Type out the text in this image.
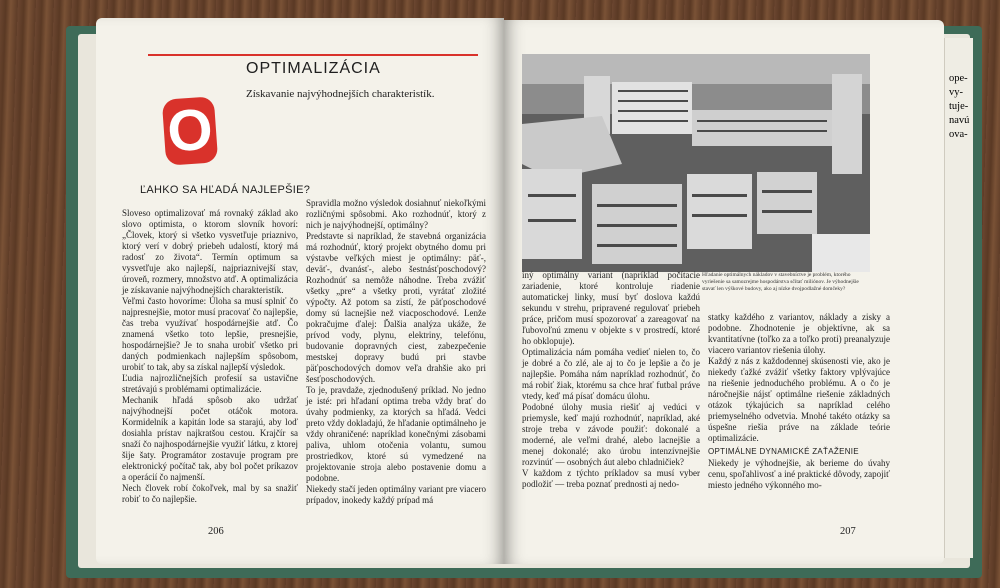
ope-
vy-
tuje-
navú
ova-
OPTIMALIZÁCIA
Získavanie najvýhodnejších charakteristík.
O
ĽAHKO SA HĽADÁ NAJLEPŠIE?

Sloveso optimalizovať má rovnaký základ ako slovo optimista, o ktorom slovník hovorí: „Človek, ktorý si všetko vysvetľuje priaznivo, ktorý verí v dobrý priebeh udalostí, ktorý má radosť zo života“. Termín optimum sa vysvetľuje ako najlepší, najpriaznivejší stav, úroveň, rozmery, množstvo atď. A optimalizácia je získavanie najvýhodnejších charakteristík.

Veľmi často hovoríme: Úloha sa musí splniť čo najpresnejšie, motor musí pracovať čo najlepšie, čas treba využívať hospodárnejšie atď. Čo znamená všetko toto lepšie, presnejšie, hospodárnejšie? Je to snaha urobiť všetko pri daných podmienkach najlepším spôsobom, urobiť to tak, aby sa získal najlepší výsledok.

Ľudia najrozličnejších profesií sa ustavične stretávajú s problémami optimalizácie.

Mechanik hľadá spôsob ako udržať najvýhodnejší počet otáčok motora. Kormidelník a kapitán lode sa starajú, aby loď dosiahla prístav najkratšou cestou. Krajčír sa snaží čo najhospodárnejšie využiť látku, z ktorej šije šaty. Programátor zostavuje program pre elektronický počítač tak, aby bol počet príkazov a operácií čo najmenší.

Nech človek robí čokoľvek, mal by sa snažiť robiť to čo najlepšie.

Spravidla možno výsledok dosiahnuť niekoľkými rozličnými spôsobmi. Ako rozhodnúť, ktorý z nich je najvýhodnejší, optimálny?

Predstavte si napríklad, že stavebná organizácia má rozhodnúť, ktorý projekt obytného domu pri výstavbe veľkých miest je optimálny: päť-, deväť-, dvanásť-, alebo šestnásťposchodový? Rozhodnúť sa nemôže náhodne. Treba zvážiť všetky „pre“ a všetky proti, vyrátať zložité výpočty. Až potom sa zistí, že päťposchodové domy sú lacnejšie než viacposchodové. Lenže pokračujme ďalej: Ďalšia analýza ukáže, že prívod vody, plynu, elektriny, telefónu, budovanie dopravných ciest, zabezpečenie mestskej dopravy budú pri stavbe päťposchodových domov veľa drahšie ako pri šesťposchodových.

To je, pravdaže, zjednodušený príklad. No jedno je isté: pri hľadaní optima treba vždy brať do úvahy podmienky, za ktorých sa hľadá. Vedci preto vždy dokladajú, že hľadanie optimálneho je vždy ohraničené: napríklad konečnými zásobami paliva, uhlom otočenia volantu, sumou prostriedkov, ktoré sú vymedzené na projektovanie stroja alebo postavenie domu a podobne.

Niekedy stačí jeden optimálny variant pre viacero prípadov, inokedy každý prípad má

206
Hľadanie optimálnych nákladov v stavebníctve je problém, ktorého vyriešenie sa samozrejme hospodárstva sčítať miliónov. Je výhodnejšie stavať len výškové budovy, ako aj nízke dvojpodlažné domčeky?

iný optimálny variant (napríklad počítacie zariadenie, ktoré kontroluje riadenie automatickej linky, musí byť doslova každú sekundu v strehu, pripravené regulovať priebeh práce, pričom musí spozorovať a zareagovať na ľubovoľnú zmenu v objekte s v prostredí, ktoré ho obklopuje).

Optimalizácia nám pomáha vedieť nielen to, čo je dobré a čo zlé, ale aj to čo je lepšie a čo je najlepšie. Pomáha nám napríklad rozhodnúť, čo má robiť žiak, ktorému sa chce hrať futbal práve vtedy, keď má písať domácu úlohu.

Podobné úlohy musia riešiť aj vedúci v priemysle, keď majú rozhodnúť, napríklad, aké stroje treba v závode použiť: dokonalé a moderné, ale veľmi drahé, alebo lacnejšie a menej dokonalé; ako úrobu intenzívnejšie rozvinúť — osobných áut alebo chladničiek?

V každom z týchto príkladov sa musí vyber podložiť — treba poznať prednosti aj nedo-

statky každého z variantov, náklady a zisky a podobne. Zhodnotenie je objektívne, ak sa kvantitatívne (toľko za a toľko proti) preanalyzuje viacero variantov riešenia úlohy.

Každý z nás z každodennej skúsenosti vie, ako je niekedy ťažké zvážiť všetky faktory vplývajúce na riešenie jednoduchého problému. A o čo je náročnejšie nájsť optimálne riešenie základných otázok týkajúcich sa napríklad celého priemyselného odvetvia. Mnohé takéto otázky sa úspešne riešia práve na základe teórie optimalizácie.

OPTIMÁLNE DYNAMICKÉ ZAŤAŽENIE

Niekedy je výhodnejšie, ak berieme do úvahy cenu, spoľahlivosť a iné praktické dôvody, zapojiť miesto jedného výkonného mo-

207
